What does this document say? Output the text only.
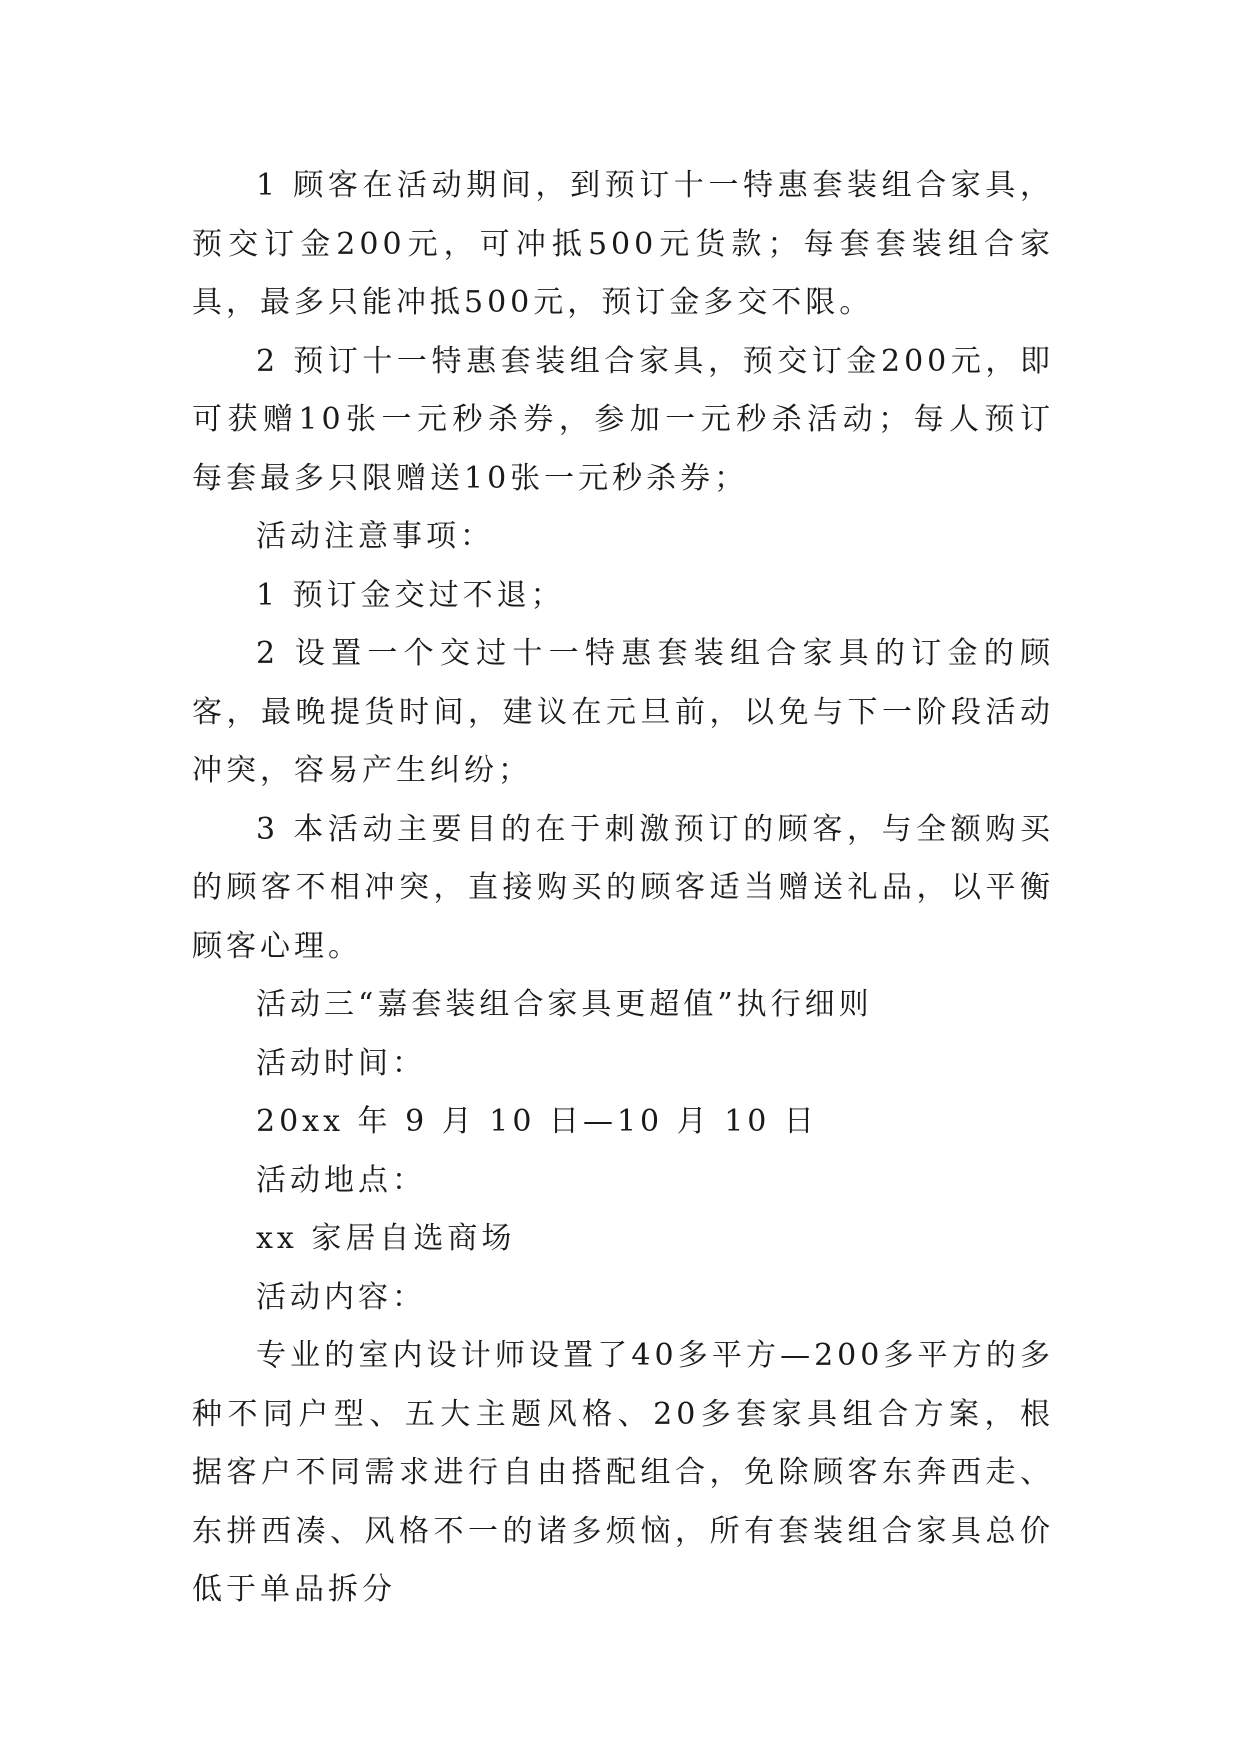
1 顾客在活动期间，到预订十一特惠套装组合家具，预交订金200元，可冲抵500元货款；每套套装组合家具，最多只能冲抵500元，预订金多交不限。

2 预订十一特惠套装组合家具，预交订金200元，即可获赠10张一元秒杀券，参加一元秒杀活动；每人预订每套最多只限赠送10张一元秒杀券；

活动注意事项：

1 预订金交过不退；

2 设置一个交过十一特惠套装组合家具的订金的顾客，最晚提货时间，建议在元旦前，以免与下一阶段活动冲突，容易产生纠纷；

3 本活动主要目的在于刺激预订的顾客，与全额购买的顾客不相冲突，直接购买的顾客适当赠送礼品，以平衡顾客心理。

活动三“嘉套装组合家具更超值”执行细则

活动时间：

20xx 年 9 月 10 日—10 月 10 日

活动地点：

xx 家居自选商场

活动内容：

专业的室内设计师设置了40多平方—200多平方的多种不同户型、五大主题风格、20多套家具组合方案，根据客户不同需求进行自由搭配组合，免除顾客东奔西走、东拼西凑、风格不一的诸多烦恼，所有套装组合家具总价低于单品拆分
